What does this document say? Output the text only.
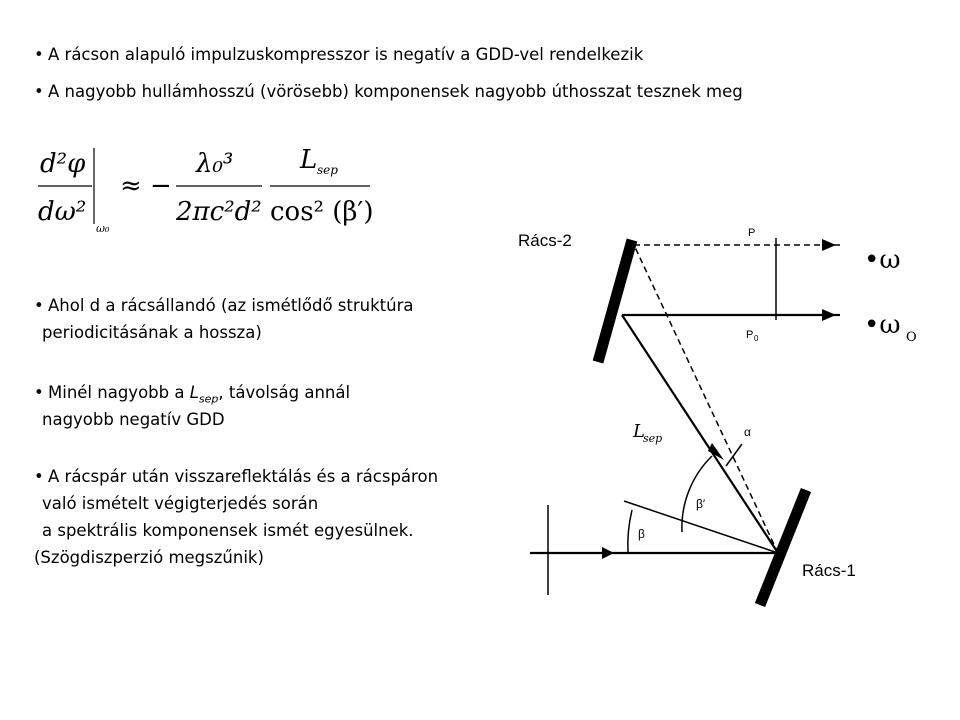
• A rácson alapuló impulzuskompresszor is negatív a GDD-vel rendelkezik
• A nagyobb hullámhosszú (vörösebb) komponensek nagyobb úthosszat tesznek meg
d²φ
dω²
ω₀
≈ −
λ₀³
2πc²d²
L sep
cos² (β′)
• Ahol d a rácsállandó (az ismétlődő struktúra
periodicitásának a hossza)
• Minél nagyobb a $L_{sep}$, távolság annál
nagyobb negatív GDD
• A rácspár után visszareflektálás és a rácspáron
való ismételt végigterjedés során
a spektrális komponensek ismét egyesülnek.
(Szögdiszperzió megszűnik)
Rács-2
Rács-1
P
P 0
•ω
•ω O
L
sep	α
β
β′
